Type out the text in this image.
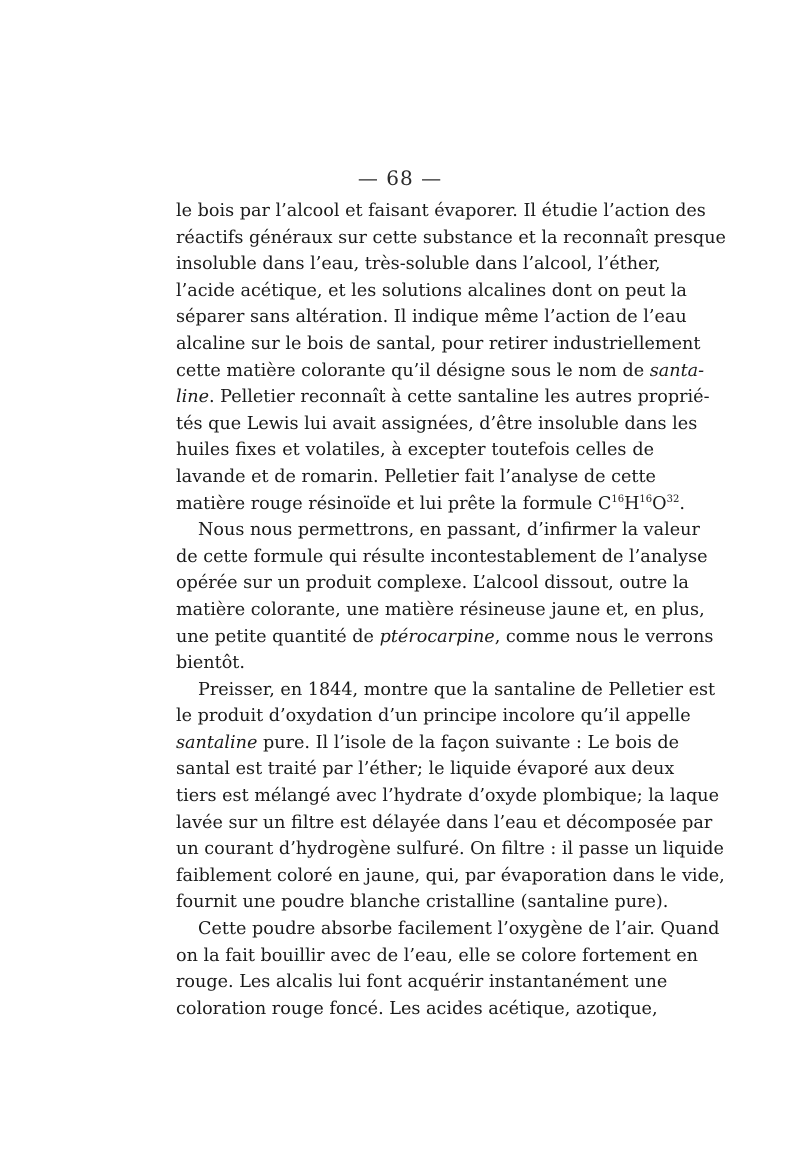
— 68 —
le bois par l’alcool et faisant évaporer. Il étudie l’action des
réactifs généraux sur cette substance et la reconnaît presque
insoluble dans l’eau, très-soluble dans l’alcool, l’éther,
l’acide acétique, et les solutions alcalines dont on peut la
séparer sans altération. Il indique même l’action de l’eau
alcaline sur le bois de santal, pour retirer industriellement
cette matière colorante qu’il désigne sous le nom de santa-
line. Pelletier reconnaît à cette santaline les autres proprié-
tés que Lewis lui avait assignées, d’être insoluble dans les
huiles fixes et volatiles, à excepter toutefois celles de
lavande et de romarin. Pelletier fait l’analyse de cette
matière rouge résinoïde et lui prête la formule $C^{16}H^{16}O^{32}$.
Nous nous permettrons, en passant, d’infirmer la valeur
de cette formule qui résulte incontestablement de l’analyse
opérée sur un produit complexe. L’alcool dissout, outre la
matière colorante, une matière résineuse jaune et, en plus,
une petite quantité de ptérocarpine, comme nous le verrons
bientôt.
Preisser, en 1844, montre que la santaline de Pelletier est
le produit d’oxydation d’un principe incolore qu’il appelle
santaline pure. Il l’isole de la façon suivante : Le bois de
santal est traité par l’éther; le liquide évaporé aux deux
tiers est mélangé avec l’hydrate d’oxyde plombique; la laque
lavée sur un filtre est délayée dans l’eau et décomposée par
un courant d’hydrogène sulfuré. On filtre : il passe un liquide
faiblement coloré en jaune, qui, par évaporation dans le vide,
fournit une poudre blanche cristalline (santaline pure).
Cette poudre absorbe facilement l’oxygène de l’air. Quand
on la fait bouillir avec de l’eau, elle se colore fortement en
rouge. Les alcalis lui font acquérir instantanément une
coloration rouge foncé. Les acides acétique, azotique,
